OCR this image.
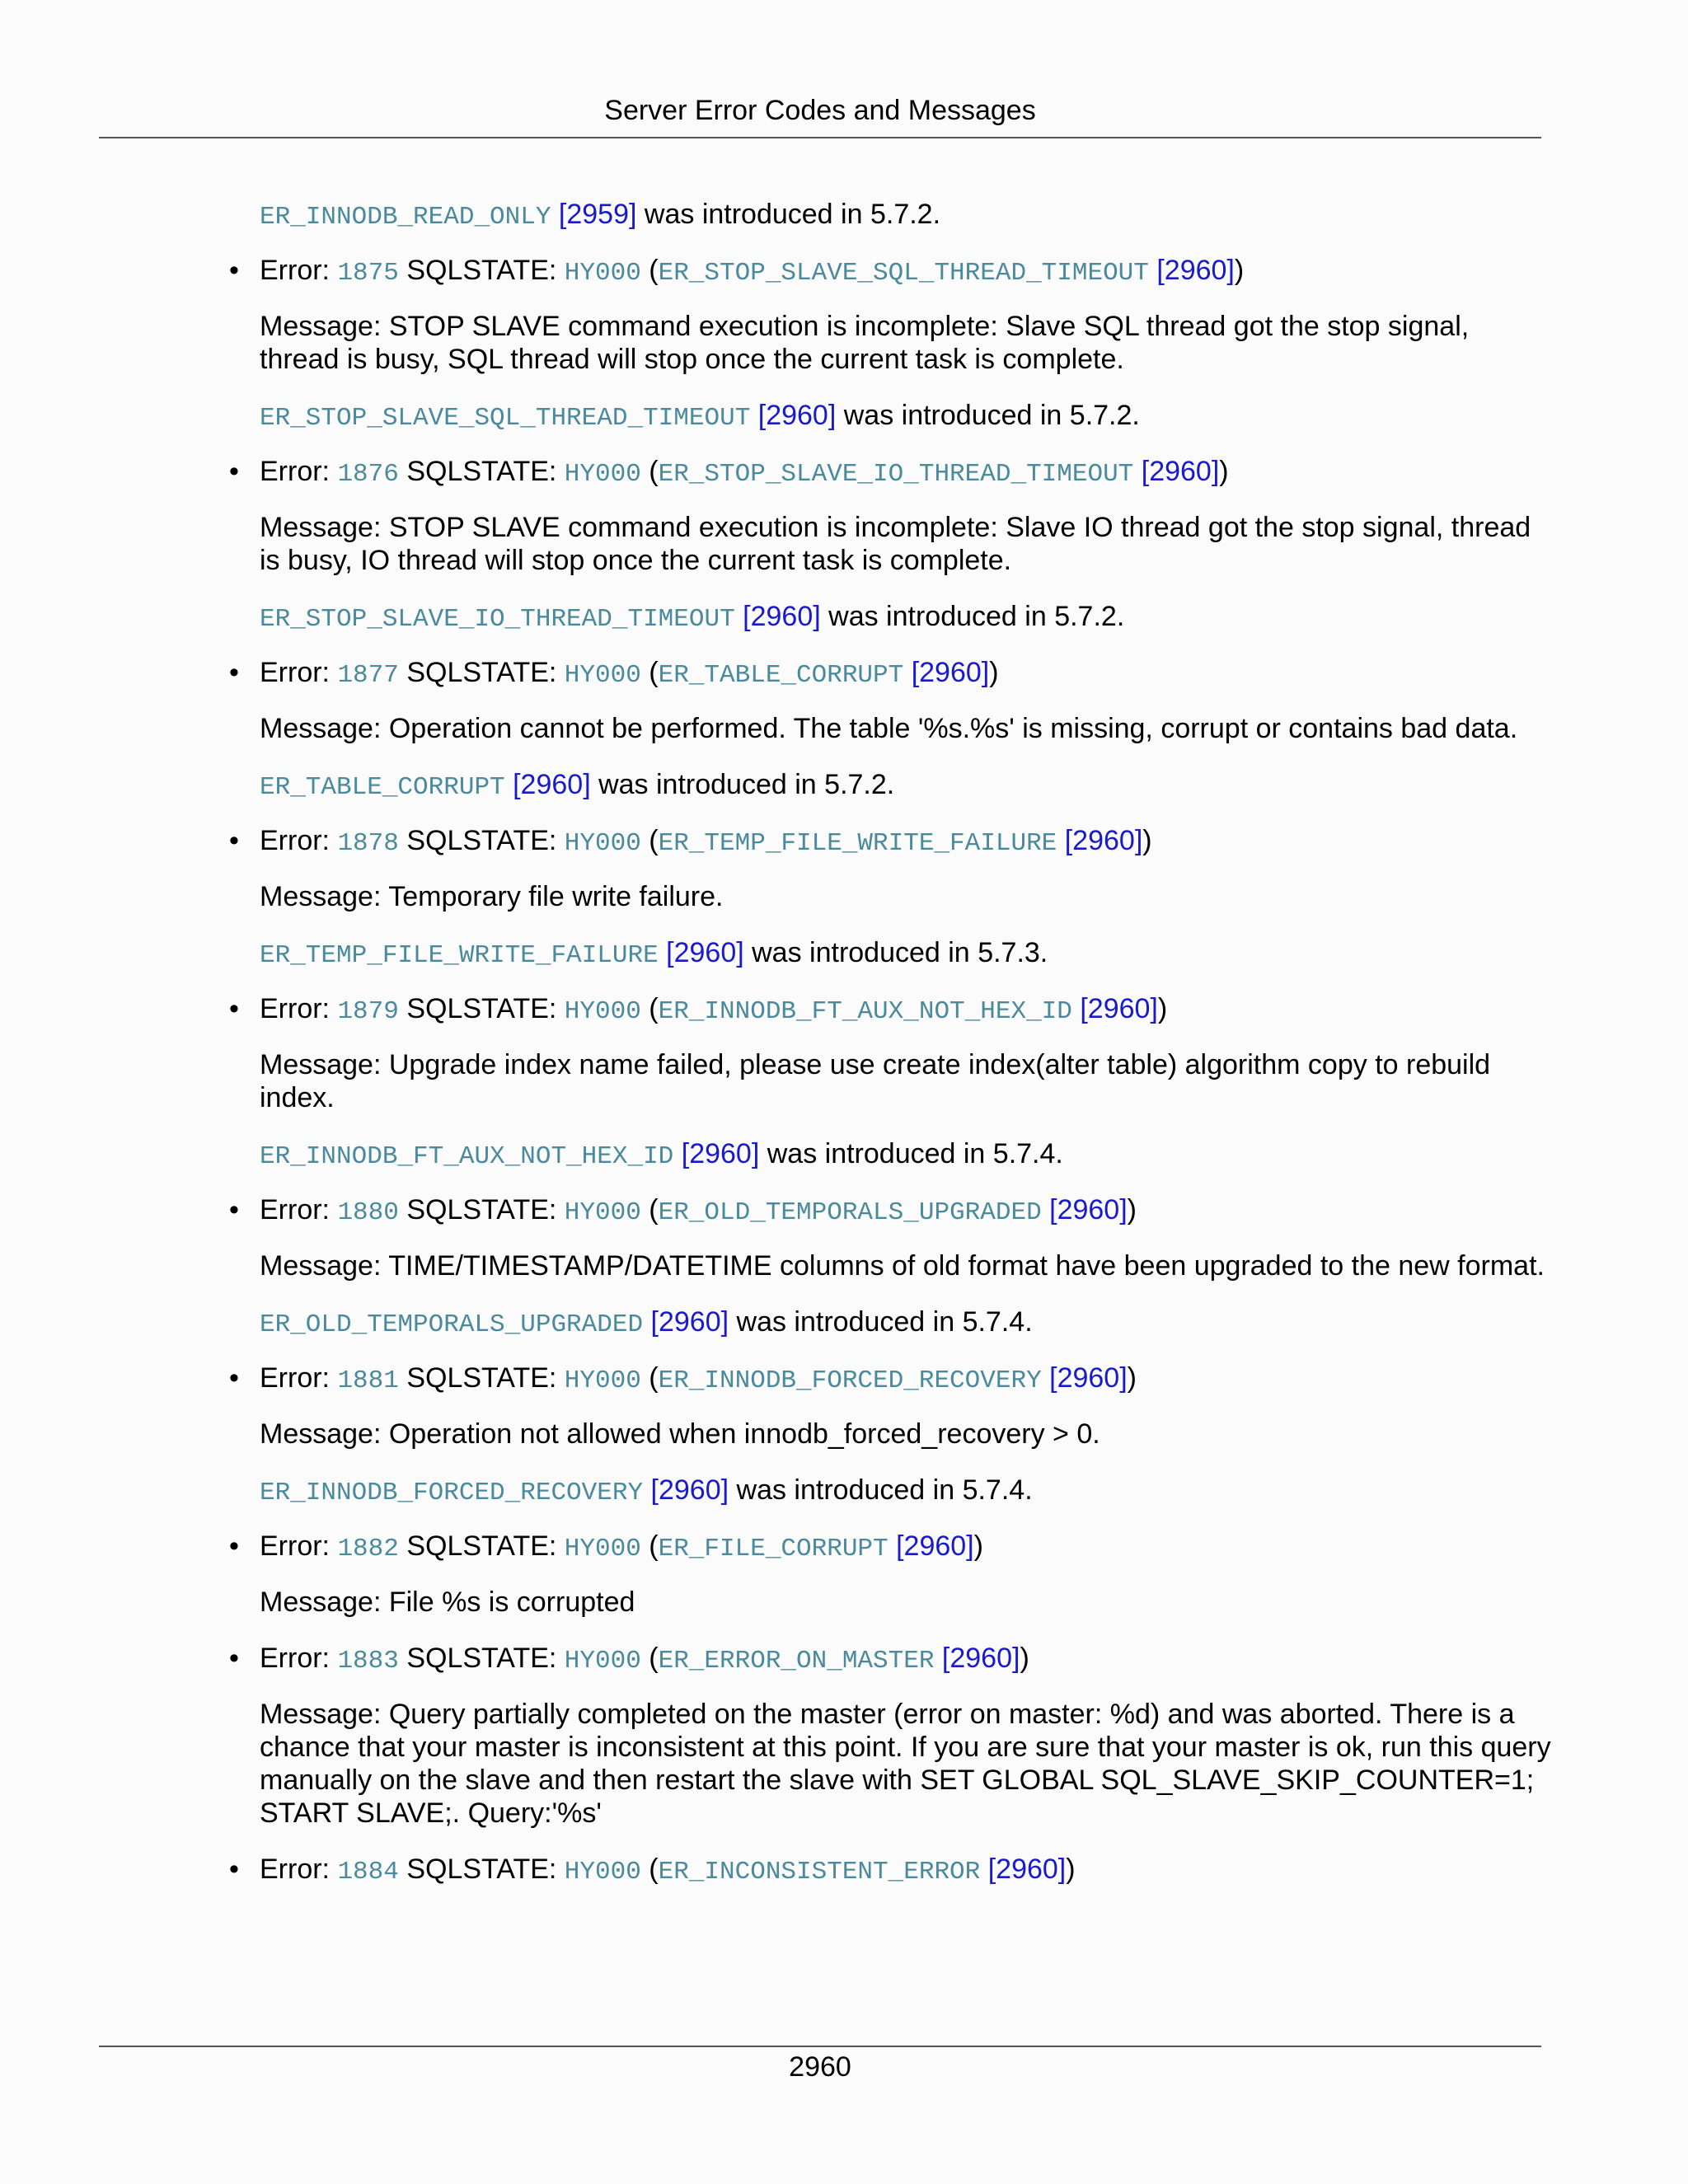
Server Error Codes and Messages
ER_INNODB_READ_ONLY [2959] was introduced in 5.7.2.
• Error: 1875 SQLSTATE: HY000 (ER_STOP_SLAVE_SQL_THREAD_TIMEOUT [2960])
Message: STOP SLAVE command execution is incomplete: Slave SQL thread got the stop signal,
thread is busy, SQL thread will stop once the current task is complete.
ER_STOP_SLAVE_SQL_THREAD_TIMEOUT [2960] was introduced in 5.7.2.
• Error: 1876 SQLSTATE: HY000 (ER_STOP_SLAVE_IO_THREAD_TIMEOUT [2960])
Message: STOP SLAVE command execution is incomplete: Slave IO thread got the stop signal, thread
is busy, IO thread will stop once the current task is complete.
ER_STOP_SLAVE_IO_THREAD_TIMEOUT [2960] was introduced in 5.7.2.
• Error: 1877 SQLSTATE: HY000 (ER_TABLE_CORRUPT [2960])
Message: Operation cannot be performed. The table '%s.%s' is missing, corrupt or contains bad data.
ER_TABLE_CORRUPT [2960] was introduced in 5.7.2.
• Error: 1878 SQLSTATE: HY000 (ER_TEMP_FILE_WRITE_FAILURE [2960])
Message: Temporary file write failure.
ER_TEMP_FILE_WRITE_FAILURE [2960] was introduced in 5.7.3.
• Error: 1879 SQLSTATE: HY000 (ER_INNODB_FT_AUX_NOT_HEX_ID [2960])
Message: Upgrade index name failed, please use create index(alter table) algorithm copy to rebuild
index.
ER_INNODB_FT_AUX_NOT_HEX_ID [2960] was introduced in 5.7.4.
• Error: 1880 SQLSTATE: HY000 (ER_OLD_TEMPORALS_UPGRADED [2960])
Message: TIME/TIMESTAMP/DATETIME columns of old format have been upgraded to the new format.
ER_OLD_TEMPORALS_UPGRADED [2960] was introduced in 5.7.4.
• Error: 1881 SQLSTATE: HY000 (ER_INNODB_FORCED_RECOVERY [2960])
Message: Operation not allowed when innodb_forced_recovery > 0.
ER_INNODB_FORCED_RECOVERY [2960] was introduced in 5.7.4.
• Error: 1882 SQLSTATE: HY000 (ER_FILE_CORRUPT [2960])
Message: File %s is corrupted
• Error: 1883 SQLSTATE: HY000 (ER_ERROR_ON_MASTER [2960])
Message: Query partially completed on the master (error on master: %d) and was aborted. There is a
chance that your master is inconsistent at this point. If you are sure that your master is ok, run this query
manually on the slave and then restart the slave with SET GLOBAL SQL_SLAVE_SKIP_COUNTER=1;
START SLAVE;. Query:'%s'
• Error: 1884 SQLSTATE: HY000 (ER_INCONSISTENT_ERROR [2960])
2960
